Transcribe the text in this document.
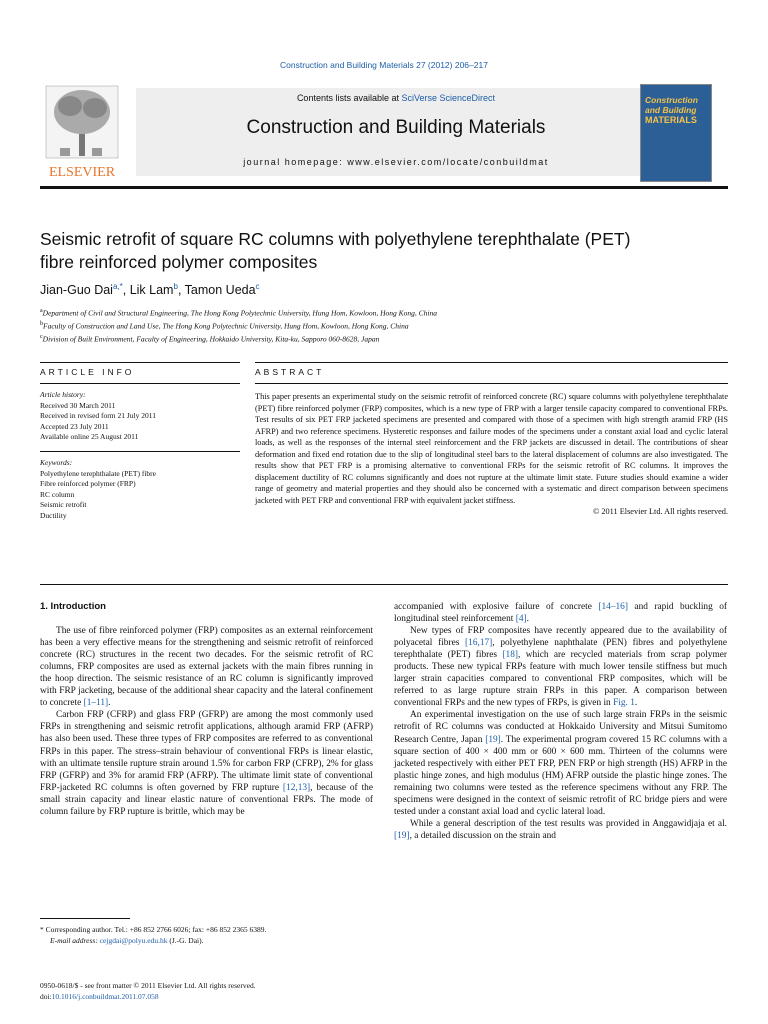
Construction and Building Materials 27 (2012) 206–217
ELSEVIER
Contents lists available at SciVerse ScienceDirect
Construction and Building Materials
journal homepage: www.elsevier.com/locate/conbuildmat
Construction
and Building
MATERIALS
Seismic retrofit of square RC columns with polyethylene terephthalate (PET)
fibre reinforced polymer composites
Jian-Guo Dai$^{a,*}$, Lik Lam$^b$, Tamon Ueda$^c$
$^a$Department of Civil and Structural Engineering, The Hong Kong Polytechnic University, Hung Hom, Kowloon, Hong Kong, China
$^b$Faculty of Construction and Land Use, The Hong Kong Polytechnic University, Hung Hom, Kowloon, Hong Kong, China
$^c$Division of Built Environment, Faculty of Engineering, Hokkaido University, Kita-ku, Sapporo 060-8628, Japan
ARTICLE INFO	ABSTRACT
Article history:
Received 30 March 2011
Received in revised form 21 July 2011
Accepted 23 July 2011
Available online 25 August 2011
Keywords:
Polyethylene terephthalate (PET) fibre
Fibre reinforced polymer (FRP)
RC column
Seismic retrofit
Ductility
This paper presents an experimental study on the seismic retrofit of reinforced concrete (RC) square columns with polyethylene terephthalate (PET) fibre reinforced polymer (FRP) composites, which is a new type of FRP with a larger tensile capacity compared to conventional FRPs. Test results of six PET FRP jacketed specimens are presented and compared with those of a specimen with high strength aramid FRP (HS AFRP) and two reference specimens. Hysteretic responses and failure modes of the specimens under a constant axial load and cyclic lateral loads, as well as the responses of the internal steel reinforcement and the FRP jackets are discussed in detail. The contributions of shear deformation and fixed end rotation due to the slip of longitudinal steel bars to the lateral displacement of columns are also investigated. The results show that PET FRP is a promising alternative to conventional FRPs for the seismic retrofit of RC columns. It improves the displacement ductility of RC columns significantly and does not rupture at the ultimate limit state. Future studies should examine a wider range of geometry and material properties and they should also be concerned with a systematic and direct comparison between specimens jacketed with PET FRP and conventional FRP with equivalent jacket stiffness.
© 2011 Elsevier Ltd. All rights reserved.
1. Introduction

The use of fibre reinforced polymer (FRP) composites as an external reinforcement has been a very effective means for the strengthening and seismic retrofit of reinforced concrete (RC) structures in the recent two decades. For the seismic retrofit of RC columns, FRP composites are used as external jackets with the main fibres running in the hoop direction. The seismic resistance of an RC column is significantly improved with FRP jacketing, because of the additional shear capacity and the lateral confinement to concrete [1–11].

Carbon FRP (CFRP) and glass FRP (GFRP) are among the most commonly used FRPs in strengthening and seismic retrofit applications, although aramid FRP (AFRP) has also been used. These three types of FRP composites are referred to as conventional FRPs in this paper. The stress–strain behaviour of conventional FRPs is linear elastic, with an ultimate tensile rupture strain around 1.5% for carbon FRP (CFRP), 2% for glass FRP (GFRP) and 3% for aramid FRP (AFRP). The ultimate limit state of conventional FRP-jacketed RC columns is often governed by FRP rupture [12,13], because of the small strain capacity and linear elastic nature of conventional FRPs. The mode of column failure by FRP rupture is brittle, which may be

accompanied with explosive failure of concrete [14–16] and rapid buckling of longitudinal steel reinforcement [4].

New types of FRP composites have recently appeared due to the availability of polyacetal fibres [16,17], polyethylene naphthalate (PEN) fibres and polyethylene terephthalate (PET) fibres [18], which are recycled materials from scrap polymer products. These new typical FRPs feature with much lower tensile stiffness but much larger strain capacities compared to conventional FRP composites, which will be referred to as large rupture strain FRPs in this paper. A comparison between conventional FRPs and the new types of FRPs, is given in Fig. 1.

An experimental investigation on the use of such large strain FRPs in the seismic retrofit of RC columns was conducted at Hokkaido University and Mitsui Sumitomo Research Centre, Japan [19]. The experimental program covered 15 RC columns with a square section of 400 × 400 mm or 600 × 600 mm. Thirteen of the columns were jacketed respectively with either PET FRP, PEN FRP or high strength (HS) AFRP in the plastic hinge zones, and high modulus (HM) AFRP outside the plastic hinge zones. The remaining two columns were tested as the reference specimens without any FRP. The specimens were designed in the context of seismic retrofit of RC bridge piers and were tested under a constant axial load and cyclic lateral load.

While a general description of the test results was provided in Anggawidjaja et al. [19], a detailed discussion on the strain and

* Corresponding author. Tel.: +86 852 2766 6026; fax: +86 852 2365 6389.
E-mail address: cejgdai@polyu.edu.hk (J.-G. Dai).
0950-0618/$ - see front matter © 2011 Elsevier Ltd. All rights reserved.
doi:10.1016/j.conbuildmat.2011.07.058
